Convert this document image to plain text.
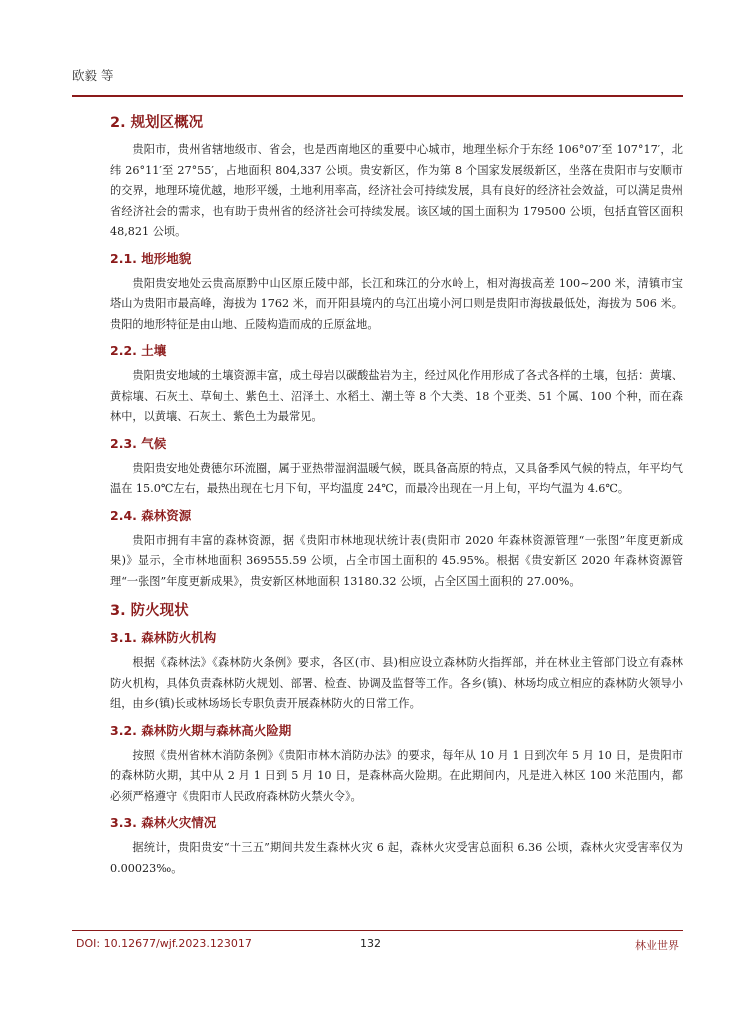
欧毅 等
2. 规划区概况

贵阳市，贵州省辖地级市、省会，也是西南地区的重要中心城市，地理坐标介于东经 106°07′至 107°17′，北纬 26°11′至 27°55′，占地面积 804,337 公顷。贵安新区，作为第 8 个国家发展级新区，坐落在贵阳市与安顺市的交界，地理环境优越，地形平缓，土地利用率高，经济社会可持续发展，具有良好的经济社会效益，可以满足贵州省经济社会的需求，也有助于贵州省的经济社会可持续发展。该区域的国土面积为 179500 公顷，包括直管区面积 48,821 公顷。

2.1. 地形地貌

贵阳贵安地处云贵高原黔中山区原丘陵中部，长江和珠江的分水岭上，相对海拔高差 100~200 米，清镇市宝塔山为贵阳市最高峰，海拔为 1762 米，而开阳县境内的乌江出境小河口则是贵阳市海拔最低处，海拔为 506 米。贵阳的地形特征是由山地、丘陵构造而成的丘原盆地。

2.2. 土壤

贵阳贵安地域的土壤资源丰富，成土母岩以碳酸盐岩为主，经过风化作用形成了各式各样的土壤，包括：黄壤、黄棕壤、石灰土、草甸土、紫色土、沼泽土、水稻土、潮土等 8 个大类、18 个亚类、51 个属、100 个种，而在森林中，以黄壤、石灰土、紫色土为最常见。

2.3. 气候

贵阳贵安地处费德尔环流圈，属于亚热带湿润温暖气候，既具备高原的特点，又具备季风气候的特点，年平均气温在 15.0℃左右，最热出现在七月下旬，平均温度 24℃，而最冷出现在一月上旬，平均气温为 4.6℃。

2.4. 森林资源

贵阳市拥有丰富的森林资源，据《贵阳市林地现状统计表(贵阳市 2020 年森林资源管理“一张图”年度更新成果)》显示，全市林地面积 369555.59 公顷，占全市国土面积的 45.95%。根据《贵安新区 2020 年森林资源管理“一张图”年度更新成果》，贵安新区林地面积 13180.32 公顷，占全区国土面积的 27.00%。

3. 防火现状
3.1. 森林防火机构

根据《森林法》《森林防火条例》要求，各区(市、县)相应设立森林防火指挥部，并在林业主管部门设立有森林防火机构，具体负责森林防火规划、部署、检查、协调及监督等工作。各乡(镇)、林场均成立相应的森林防火领导小组，由乡(镇)长或林场场长专职负责开展森林防火的日常工作。

3.2. 森林防火期与森林高火险期

按照《贵州省林木消防条例》《贵阳市林木消防办法》的要求，每年从 10 月 1 日到次年 5 月 10 日，是贵阳市的森林防火期，其中从 2 月 1 日到 5 月 10 日，是森林高火险期。在此期间内，凡是进入林区 100 米范围内，都必须严格遵守《贵阳市人民政府森林防火禁火令》。

3.3. 森林火灾情况

据统计，贵阳贵安“十三五”期间共发生森林火灾 6 起，森林火灾受害总面积 6.36 公顷，森林火灾受害率仅为 0.00023‰。

DOI: 10.12677/wjf.2023.123017	132	林业世界
